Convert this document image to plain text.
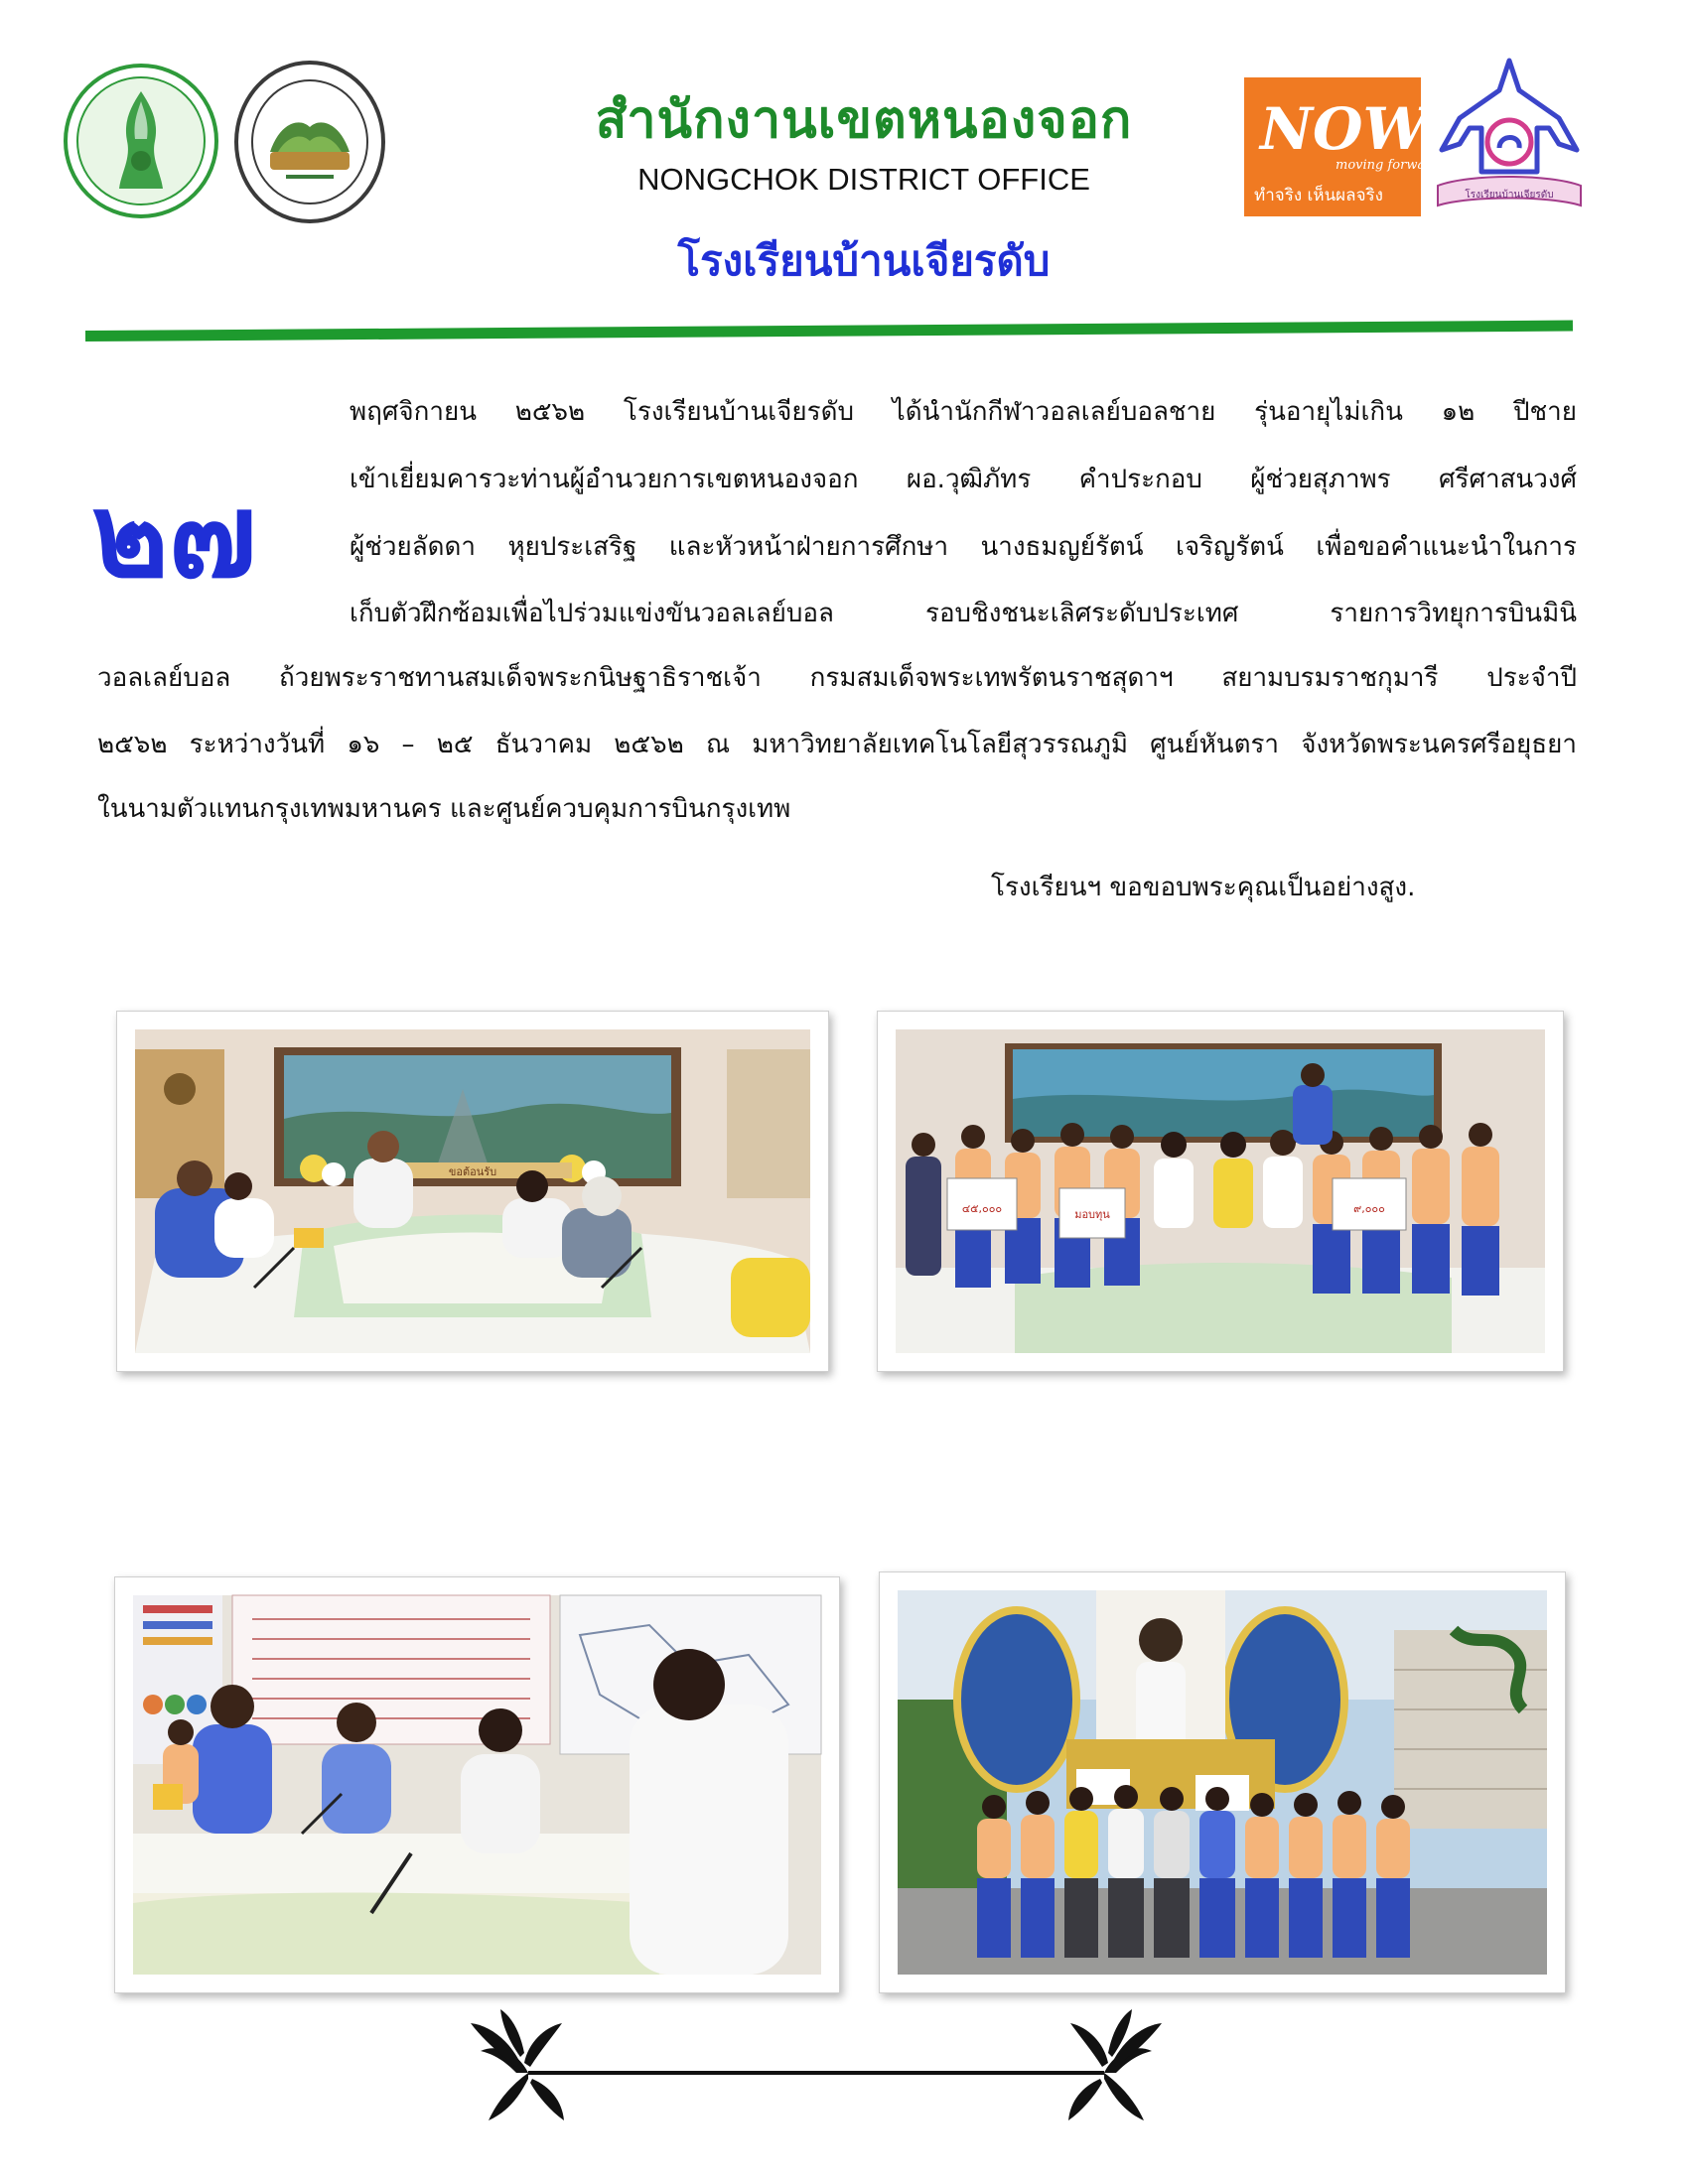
NOW
moving forward to
ทำจริง เห็นผลจริง	โรงเรียนบ้านเจียรดับ
สำนักงานเขตหนองจอก
NONGCHOK DISTRICT OFFICE
โรงเรียนบ้านเจียรดับ
๒๗
พฤศจิกายน ๒๕๖๒ โรงเรียนบ้านเจียรดับ ได้นำนักกีฬาวอลเลย์บอลชาย รุ่นอายุไม่เกิน ๑๒ ปีชาย
เข้าเยี่ยมคารวะท่านผู้อำนวยการเขตหนองจอก ผอ.วุฒิภัทร คำประกอบ ผู้ช่วยสุภาพร ศรีศาสนวงศ์
ผู้ช่วยลัดดา หุยประเสริฐ และหัวหน้าฝ่ายการศึกษา นางธมญย์รัตน์ เจริญรัตน์ เพื่อขอคำแนะนำในการ
เก็บตัวฝึกซ้อมเพื่อไปร่วมแข่งขันวอลเลย์บอล รอบชิงชนะเลิศระดับประเทศ รายการวิทยุการบินมินิ
วอลเลย์บอล ถ้วยพระราชทานสมเด็จพระกนิษฐาธิราชเจ้า กรมสมเด็จพระเทพรัตนราชสุดาฯ สยามบรมราชกุมารี ประจำปี
๒๕๖๒ ระหว่างวันที่ ๑๖ – ๒๕ ธันวาคม ๒๕๖๒ ณ มหาวิทยาลัยเทคโนโลยีสุวรรณภูมิ ศูนย์หันตรา จังหวัดพระนครศรีอยุธยา
ในนามตัวแทนกรุงเทพมหานคร และศูนย์ควบคุมการบินกรุงเทพ
โรงเรียนฯ ขอขอบพระคุณเป็นอย่างสูง.
ขอต้อนรับ
๔๕,๐๐๐	มอบทุน	๙,๐๐๐
